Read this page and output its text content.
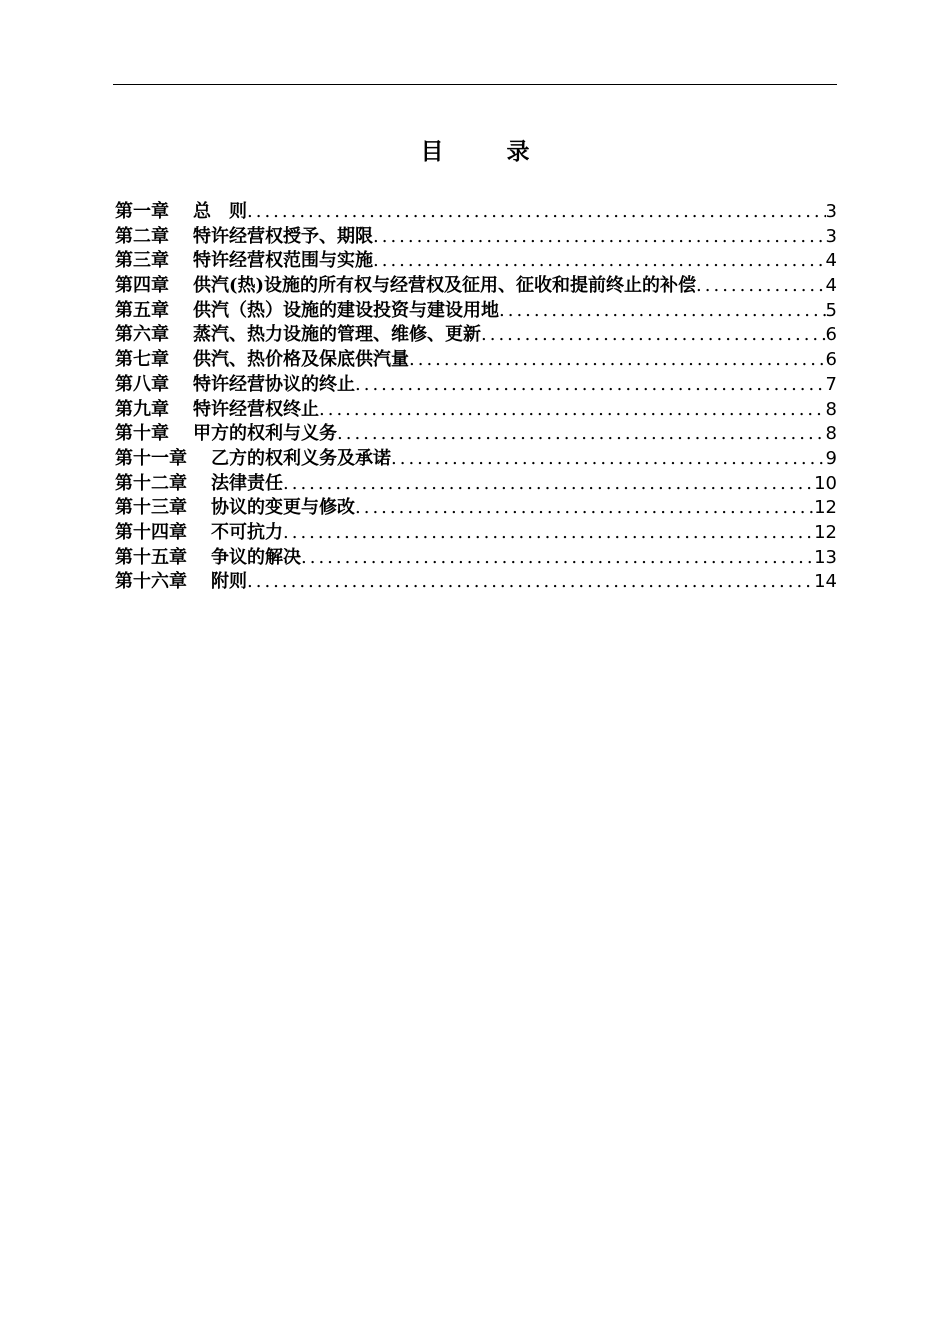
目　录
第一章 总　则 .....	3
第二章 特许经营权授予、期限 .....	3
第三章 特许经营权范围与实施 .....	4
第四章 供汽(热)设施的所有权与经营权及征用、征收和提前终止的补偿 .....	4
第五章 供汽（热）设施的建设投资与建设用地 .....	5
第六章 蒸汽、热力设施的管理、维修、更新 .....	6
第七章 供汽、热价格及保底供汽量 .....	6
第八章 特许经营协议的终止 .....	7
第九章 特许经营权终止 .....	8
第十章 甲方的权利与义务 .....	8
第十一章 乙方的权利义务及承诺 .....	9
第十二章 法律责任 .....	10
第十三章 协议的变更与修改 .....	12
第十四章 不可抗力 .....	12
第十五章 争议的解决 .....	13
第十六章 附则 .....	14
